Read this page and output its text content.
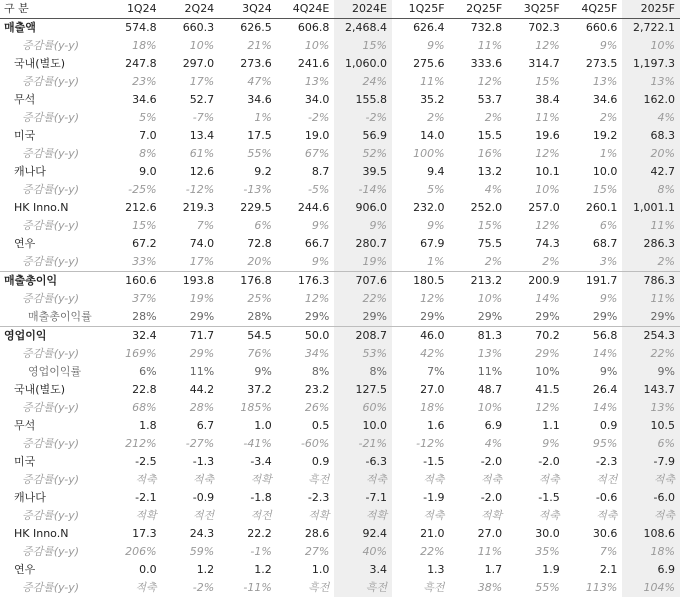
구 분	1Q24	2Q24	3Q24	4Q24E	2024E	1Q25F	2Q25F	3Q25F	4Q25F	2025F
매출액	574.8	660.3	626.5	606.8	2,468.4	626.4	732.8	702.3	660.6	2,722.1
증감률(y-y)	18%	10%	21%	10%	15%	9%	11%	12%	9%	10%
국내(별도)	247.8	297.0	273.6	241.6	1,060.0	275.6	333.6	314.7	273.5	1,197.3
증감률(y-y)	23%	17%	47%	13%	24%	11%	12%	15%	13%	13%
무석	34.6	52.7	34.6	34.0	155.8	35.2	53.7	38.4	34.6	162.0
증감률(y-y)	5%	-7%	1%	-2%	-2%	2%	2%	11%	2%	4%
미국	7.0	13.4	17.5	19.0	56.9	14.0	15.5	19.6	19.2	68.3
증감률(y-y)	8%	61%	55%	67%	52%	100%	16%	12%	1%	20%
캐나다	9.0	12.6	9.2	8.7	39.5	9.4	13.2	10.1	10.0	42.7
증감률(y-y)	-25%	-12%	-13%	-5%	-14%	5%	4%	10%	15%	8%
HK Inno.N	212.6	219.3	229.5	244.6	906.0	232.0	252.0	257.0	260.1	1,001.1
증감률(y-y)	15%	7%	6%	9%	9%	9%	15%	12%	6%	11%
연우	67.2	74.0	72.8	66.7	280.7	67.9	75.5	74.3	68.7	286.3
증감률(y-y)	33%	17%	20%	9%	19%	1%	2%	2%	3%	2%
매출총이익	160.6	193.8	176.8	176.3	707.6	180.5	213.2	200.9	191.7	786.3
증감률(y-y)	37%	19%	25%	12%	22%	12%	10%	14%	9%	11%
매출총이익률	28%	29%	28%	29%	29%	29%	29%	29%	29%	29%
영업이익	32.4	71.7	54.5	50.0	208.7	46.0	81.3	70.2	56.8	254.3
증감률(y-y)	169%	29%	76%	34%	53%	42%	13%	29%	14%	22%
영업이익률	6%	11%	9%	8%	8%	7%	11%	10%	9%	9%
국내(별도)	22.8	44.2	37.2	23.2	127.5	27.0	48.7	41.5	26.4	143.7
증감률(y-y)	68%	28%	185%	26%	60%	18%	10%	12%	14%	13%
무석	1.8	6.7	1.0	0.5	10.0	1.6	6.9	1.1	0.9	10.5
증감률(y-y)	212%	-27%	-41%	-60%	-21%	-12%	4%	9%	95%	6%
미국	-2.5	-1.3	-3.4	0.9	-6.3	-1.5	-2.0	-2.0	-2.3	-7.9
증감률(y-y)	적축	적축	적확	흑전	적축	적축	적축	적축	적전	적축
캐나다	-2.1	-0.9	-1.8	-2.3	-7.1	-1.9	-2.0	-1.5	-0.6	-6.0
증감률(y-y)	적확	적전	적전	적확	적확	적축	적확	적축	적축	적축
HK Inno.N	17.3	24.3	22.2	28.6	92.4	21.0	27.0	30.0	30.6	108.6
증감률(y-y)	206%	59%	-1%	27%	40%	22%	11%	35%	7%	18%
연우	0.0	1.2	1.2	1.0	3.4	1.3	1.7	1.9	2.1	6.9
증감률(y-y)	적축	-2%	-11%	흑전	흑전	흑전	38%	55%	113%	104%
